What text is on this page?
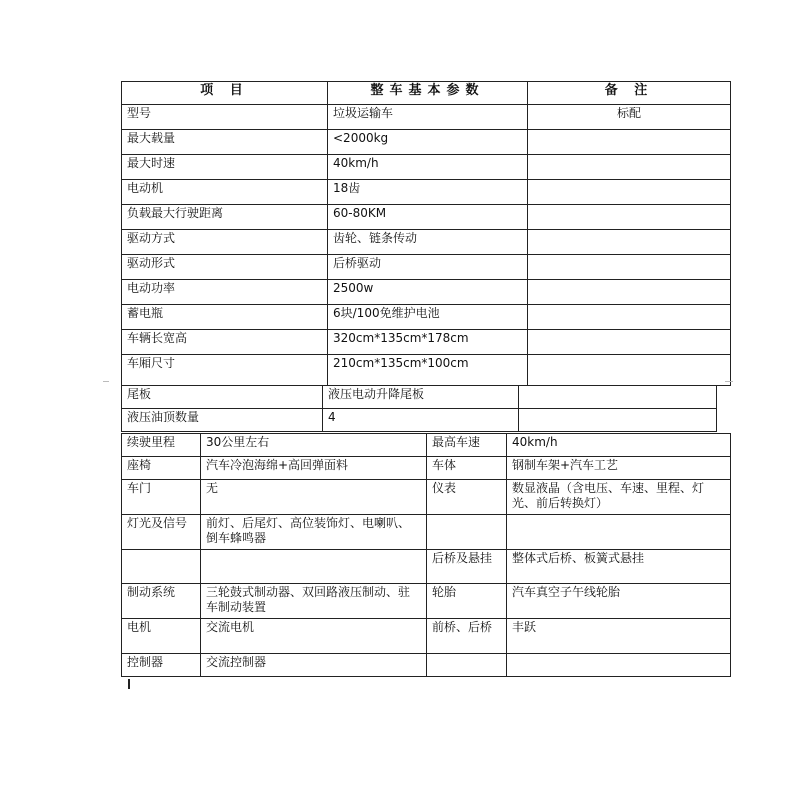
项 目	整车基本参数	备 注
型号	垃圾运输车	标配
最大载量	<2000kg	
最大时速	40km/h	
电动机	18齿	
负载最大行驶距离	60-80KM	
驱动方式	齿轮、链条传动	
驱动形式	后桥驱动	
电动功率	2500w	
蓄电瓶	6块/100免维护电池	
车辆长宽高	320cm*135cm*178cm	
车厢尺寸	210cm*135cm*100cm	
尾板	液压电动升降尾板	
液压油顶数量	4	
续驶里程	30公里左右	最高车速	40km/h
座椅	汽车冷泡海绵+高回弹面料	车体	钢制车架+汽车工艺
车门	无	仪表	数显液晶（含电压、车速、里程、灯光、前后转换灯）
灯光及信号	前灯、后尾灯、高位装饰灯、电喇叭、倒车蜂鸣器		
		后桥及悬挂	整体式后桥、板簧式悬挂
制动系统	三轮鼓式制动器、双回路液压制动、驻车制动装置	轮胎	汽车真空子午线轮胎
电机	交流电机	前桥、后桥	丰跃
控制器	交流控制器		
